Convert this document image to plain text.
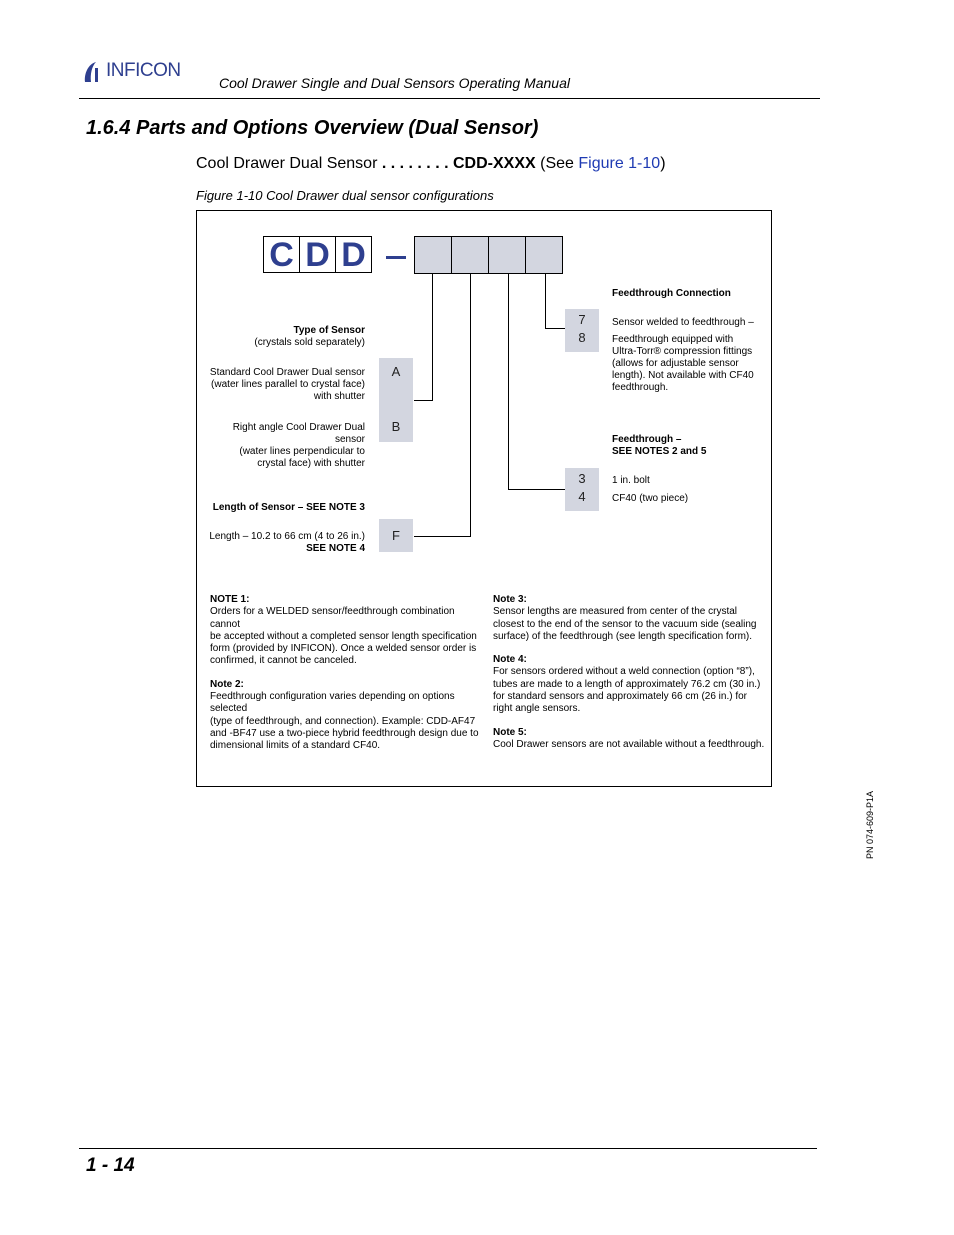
INFICON
Cool Drawer Single and Dual Sensors Operating Manual
1.6.4 Parts and Options Overview (Dual Sensor)
Cool Drawer Dual Sensor . . . . . . . . CDD-XXXX (See Figure 1-10)
Figure 1-10 Cool Drawer dual sensor configurations
C D D
Type of Sensor
(crystals sold separately)
Standard Cool Drawer Dual sensor
(water lines parallel to crystal face)
with shutter
Right angle Cool Drawer Dual sensor
(water lines perpendicular to
crystal face) with shutter
A
B
Length of Sensor – SEE NOTE 3
Length – 10.2 to 66 cm (4 to 26 in.)
SEE NOTE 4
F
Feedthrough Connection
7
8
Sensor welded to feedthrough –
Feedthrough equipped with
Ultra-Torr® compression fittings
(allows for adjustable sensor
length). Not available with CF40
feedthrough.
Feedthrough –
SEE NOTES 2 and 5
3
4
1 in. bolt
CF40 (two piece)
NOTE 1:
Orders for a WELDED sensor/feedthrough combination cannot
be accepted without a completed sensor length specification
form (provided by INFICON). Once a welded sensor order is
confirmed, it cannot be canceled.
Note 2:
Feedthrough configuration varies depending on options selected
(type of feedthrough, and connection). Example: CDD-AF47
and -BF47 use a two-piece hybrid feedthrough design due to
dimensional limits of a standard CF40.
Note 3:
Sensor lengths are measured from center of the crystal
closest to the end of the sensor to the vacuum side (sealing
surface) of the feedthrough (see length specification form).
Note 4:
For sensors ordered without a weld connection (option “8”),
tubes are made to a length of approximately 76.2 cm (30 in.)
for standard sensors and approximately 66 cm (26 in.) for
right angle sensors.
Note 5:
Cool Drawer sensors are not available without a feedthrough.
PN 074-609-P1A
1 - 14
